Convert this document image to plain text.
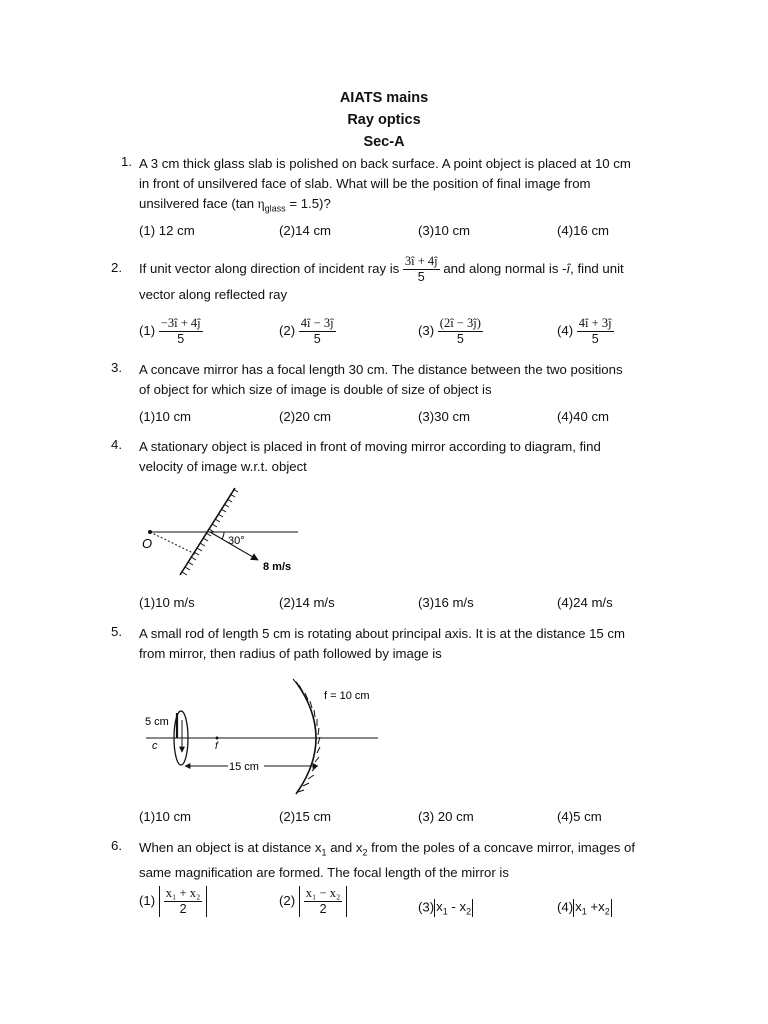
AIATS mains
Ray optics
Sec-A
1. A 3 cm thick glass slab is polished on back surface. A point object is placed at 10 cm
in front of unsilvered face of slab. What will be the position of final image from
unsilvered face (tan $\eta_{glass} = 1.5$)?
(1) 12 cm	(2)14 cm	(3)10 cm	(4)16 cm
2. If unit vector along direction of incident ray is $\frac{3î + 4ĵ}{5}$ and along normal is -î, find unit
vector along reflected ray
$(1) \frac{-3î + 4ĵ}{5}$	$(2) \frac{4î - 3ĵ}{5}$	$(3) \frac{(2î - 3ĵ)}{5}$	$(4) \frac{4î + 3ĵ}{5}$
3. A concave mirror has a focal length 30 cm. The distance between the two positions
of object for which size of image is double of size of object is
(1)10 cm	(2)20 cm	(3)30 cm	(4)40 cm
4. A stationary object is placed in front of moving mirror according to diagram, find
velocity of image w.r.t. object
O	30°
8 m/s
(1)10 m/s	(2)14 m/s	(3)16 m/s	(4)24 m/s
5. A small rod of length 5 cm is rotating about principal axis. It is at the distance 15 cm
from mirror, then radius of path followed by image is
f = 10 cm
5 cm
c	f
15 cm
(1)10 cm	(2)15 cm	(3) 20 cm	(4)5 cm
6. When an object is at distance $x_1$ and $x_2$ from the poles of a concave mirror, images of
same magnification are formed. The focal length of the mirror is
$(1) \frac{\text{x₁ + x₂}}{2}$	$(2) \frac{\text{x₁ − x₂}}{2}$	(3) $x_1 - x_2$	(4) $x_1 +x_2$
